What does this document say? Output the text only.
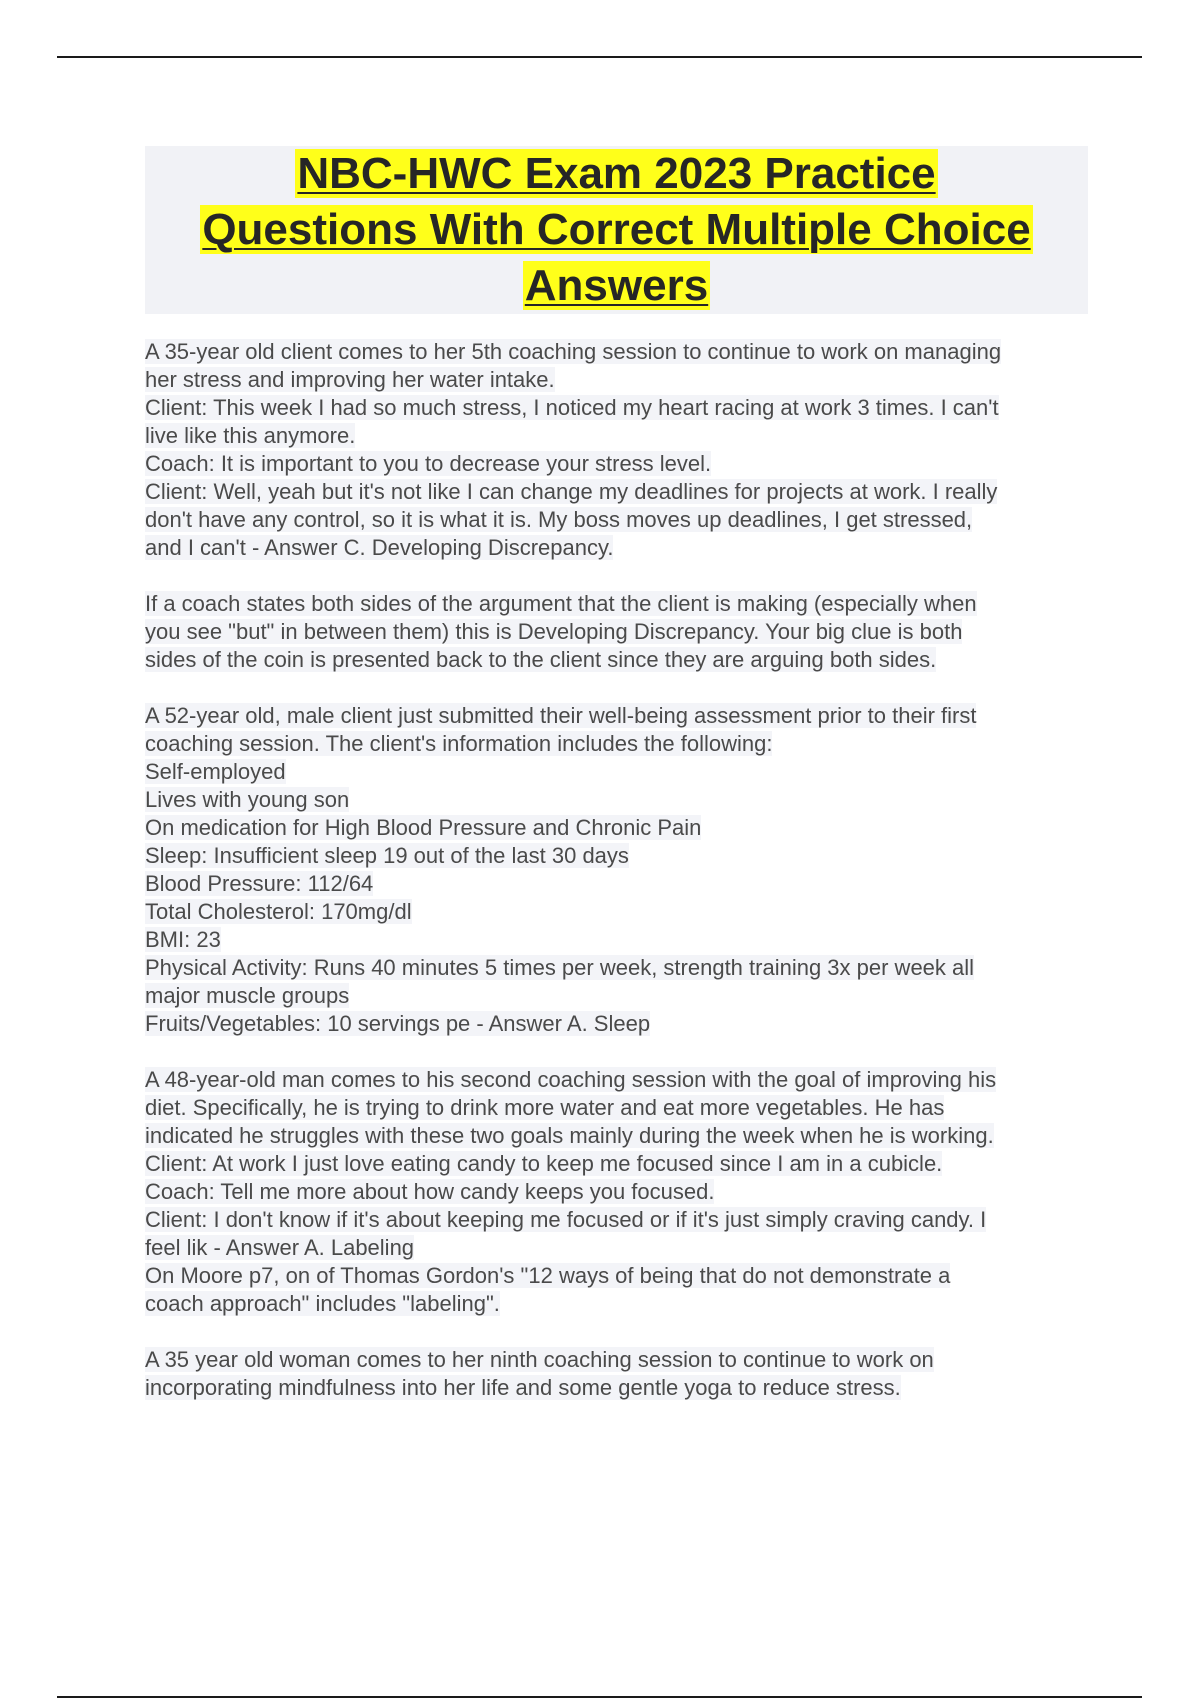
NBC-HWC Exam 2023 Practice
Questions With Correct Multiple Choice
Answers
A 35-year old client comes to her 5th coaching session to continue to work on managing
her stress and improving her water intake.
Client: This week I had so much stress, I noticed my heart racing at work 3 times. I can't
live like this anymore.
Coach: It is important to you to decrease your stress level.
Client: Well, yeah but it's not like I can change my deadlines for projects at work. I really
don't have any control, so it is what it is. My boss moves up deadlines, I get stressed,
and I can't - Answer C. Developing Discrepancy.
If a coach states both sides of the argument that the client is making (especially when
you see "but" in between them) this is Developing Discrepancy. Your big clue is both
sides of the coin is presented back to the client since they are arguing both sides.
A 52-year old, male client just submitted their well-being assessment prior to their first
coaching session. The client's information includes the following:
Self-employed
Lives with young son
On medication for High Blood Pressure and Chronic Pain
Sleep: Insufficient sleep 19 out of the last 30 days
Blood Pressure: 112/64
Total Cholesterol: 170mg/dl
BMI: 23
Physical Activity: Runs 40 minutes 5 times per week, strength training 3x per week all
major muscle groups
Fruits/Vegetables: 10 servings pe - Answer A. Sleep
A 48-year-old man comes to his second coaching session with the goal of improving his
diet. Specifically, he is trying to drink more water and eat more vegetables. He has
indicated he struggles with these two goals mainly during the week when he is working.
Client: At work I just love eating candy to keep me focused since I am in a cubicle.
Coach: Tell me more about how candy keeps you focused.
Client: I don't know if it's about keeping me focused or if it's just simply craving candy. I
feel lik - Answer A. Labeling
On Moore p7, on of Thomas Gordon's "12 ways of being that do not demonstrate a
coach approach" includes "labeling".
A 35 year old woman comes to her ninth coaching session to continue to work on
incorporating mindfulness into her life and some gentle yoga to reduce stress.
